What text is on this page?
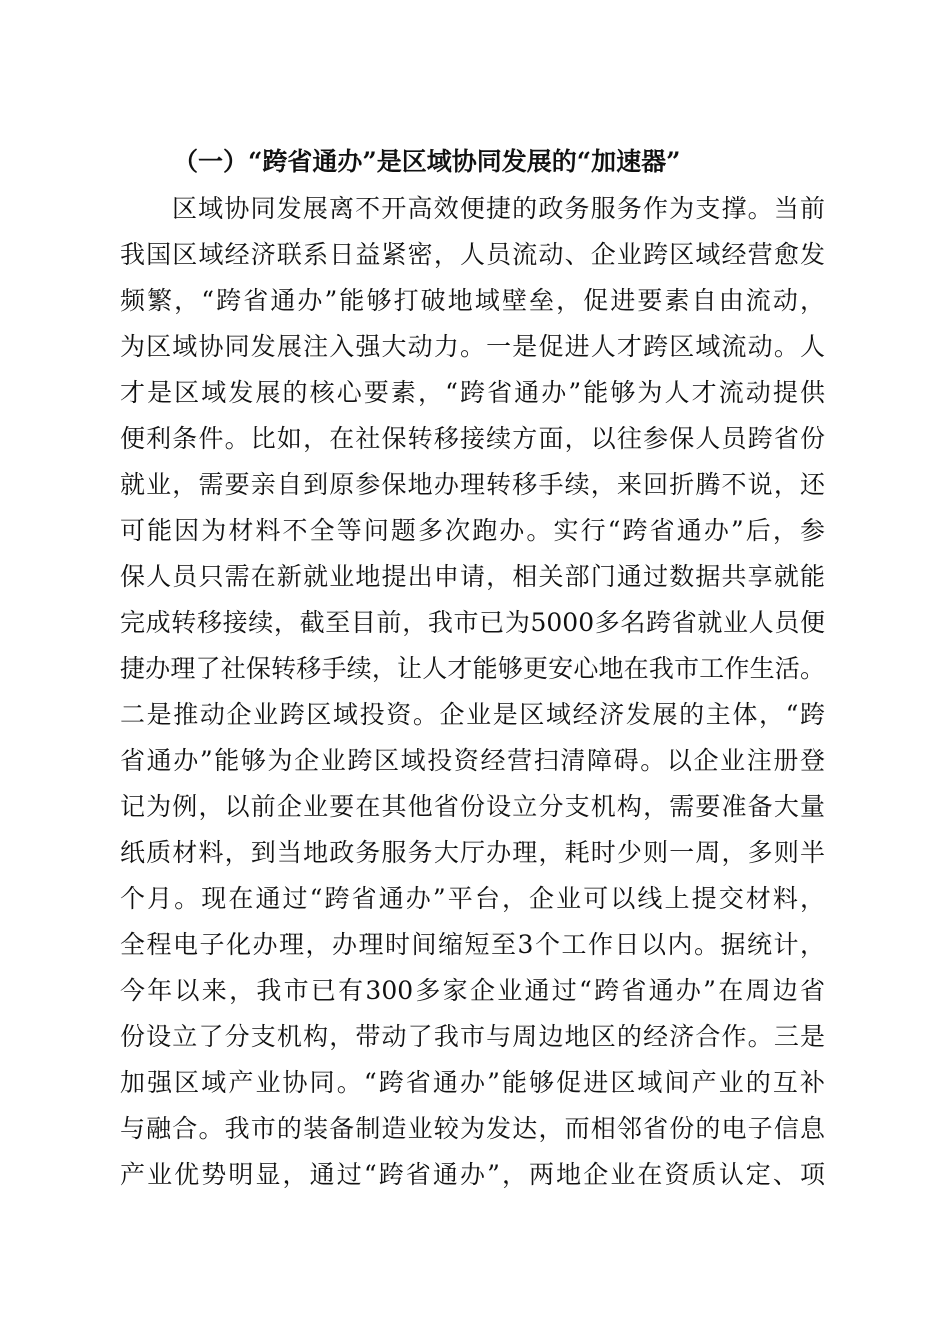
（一）“跨省通办”是区域协同发展的“加速器”
区域协同发展离不开高效便捷的政务服务作为支撑。当前
我国区域经济联系日益紧密，人员流动、企业跨区域经营愈发
频繁，“跨省通办”能够打破地域壁垒，促进要素自由流动，
为区域协同发展注入强大动力。一是促进人才跨区域流动。人
才是区域发展的核心要素，“跨省通办”能够为人才流动提供
便利条件。比如，在社保转移接续方面，以往参保人员跨省份
就业，需要亲自到原参保地办理转移手续，来回折腾不说，还
可能因为材料不全等问题多次跑办。实行“跨省通办”后，参
保人员只需在新就业地提出申请，相关部门通过数据共享就能
完成转移接续，截至目前，我市已为5000多名跨省就业人员便
捷办理了社保转移手续，让人才能够更安心地在我市工作生活。
二是推动企业跨区域投资。企业是区域经济发展的主体，“跨
省通办”能够为企业跨区域投资经营扫清障碍。以企业注册登
记为例，以前企业要在其他省份设立分支机构，需要准备大量
纸质材料，到当地政务服务大厅办理，耗时少则一周，多则半
个月。现在通过“跨省通办”平台，企业可以线上提交材料，
全程电子化办理，办理时间缩短至3个工作日以内。据统计，
今年以来，我市已有300多家企业通过“跨省通办”在周边省
份设立了分支机构，带动了我市与周边地区的经济合作。三是
加强区域产业协同。“跨省通办”能够促进区域间产业的互补
与融合。我市的装备制造业较为发达，而相邻省份的电子信息
产业优势明显，通过“跨省通办”，两地企业在资质认定、项
